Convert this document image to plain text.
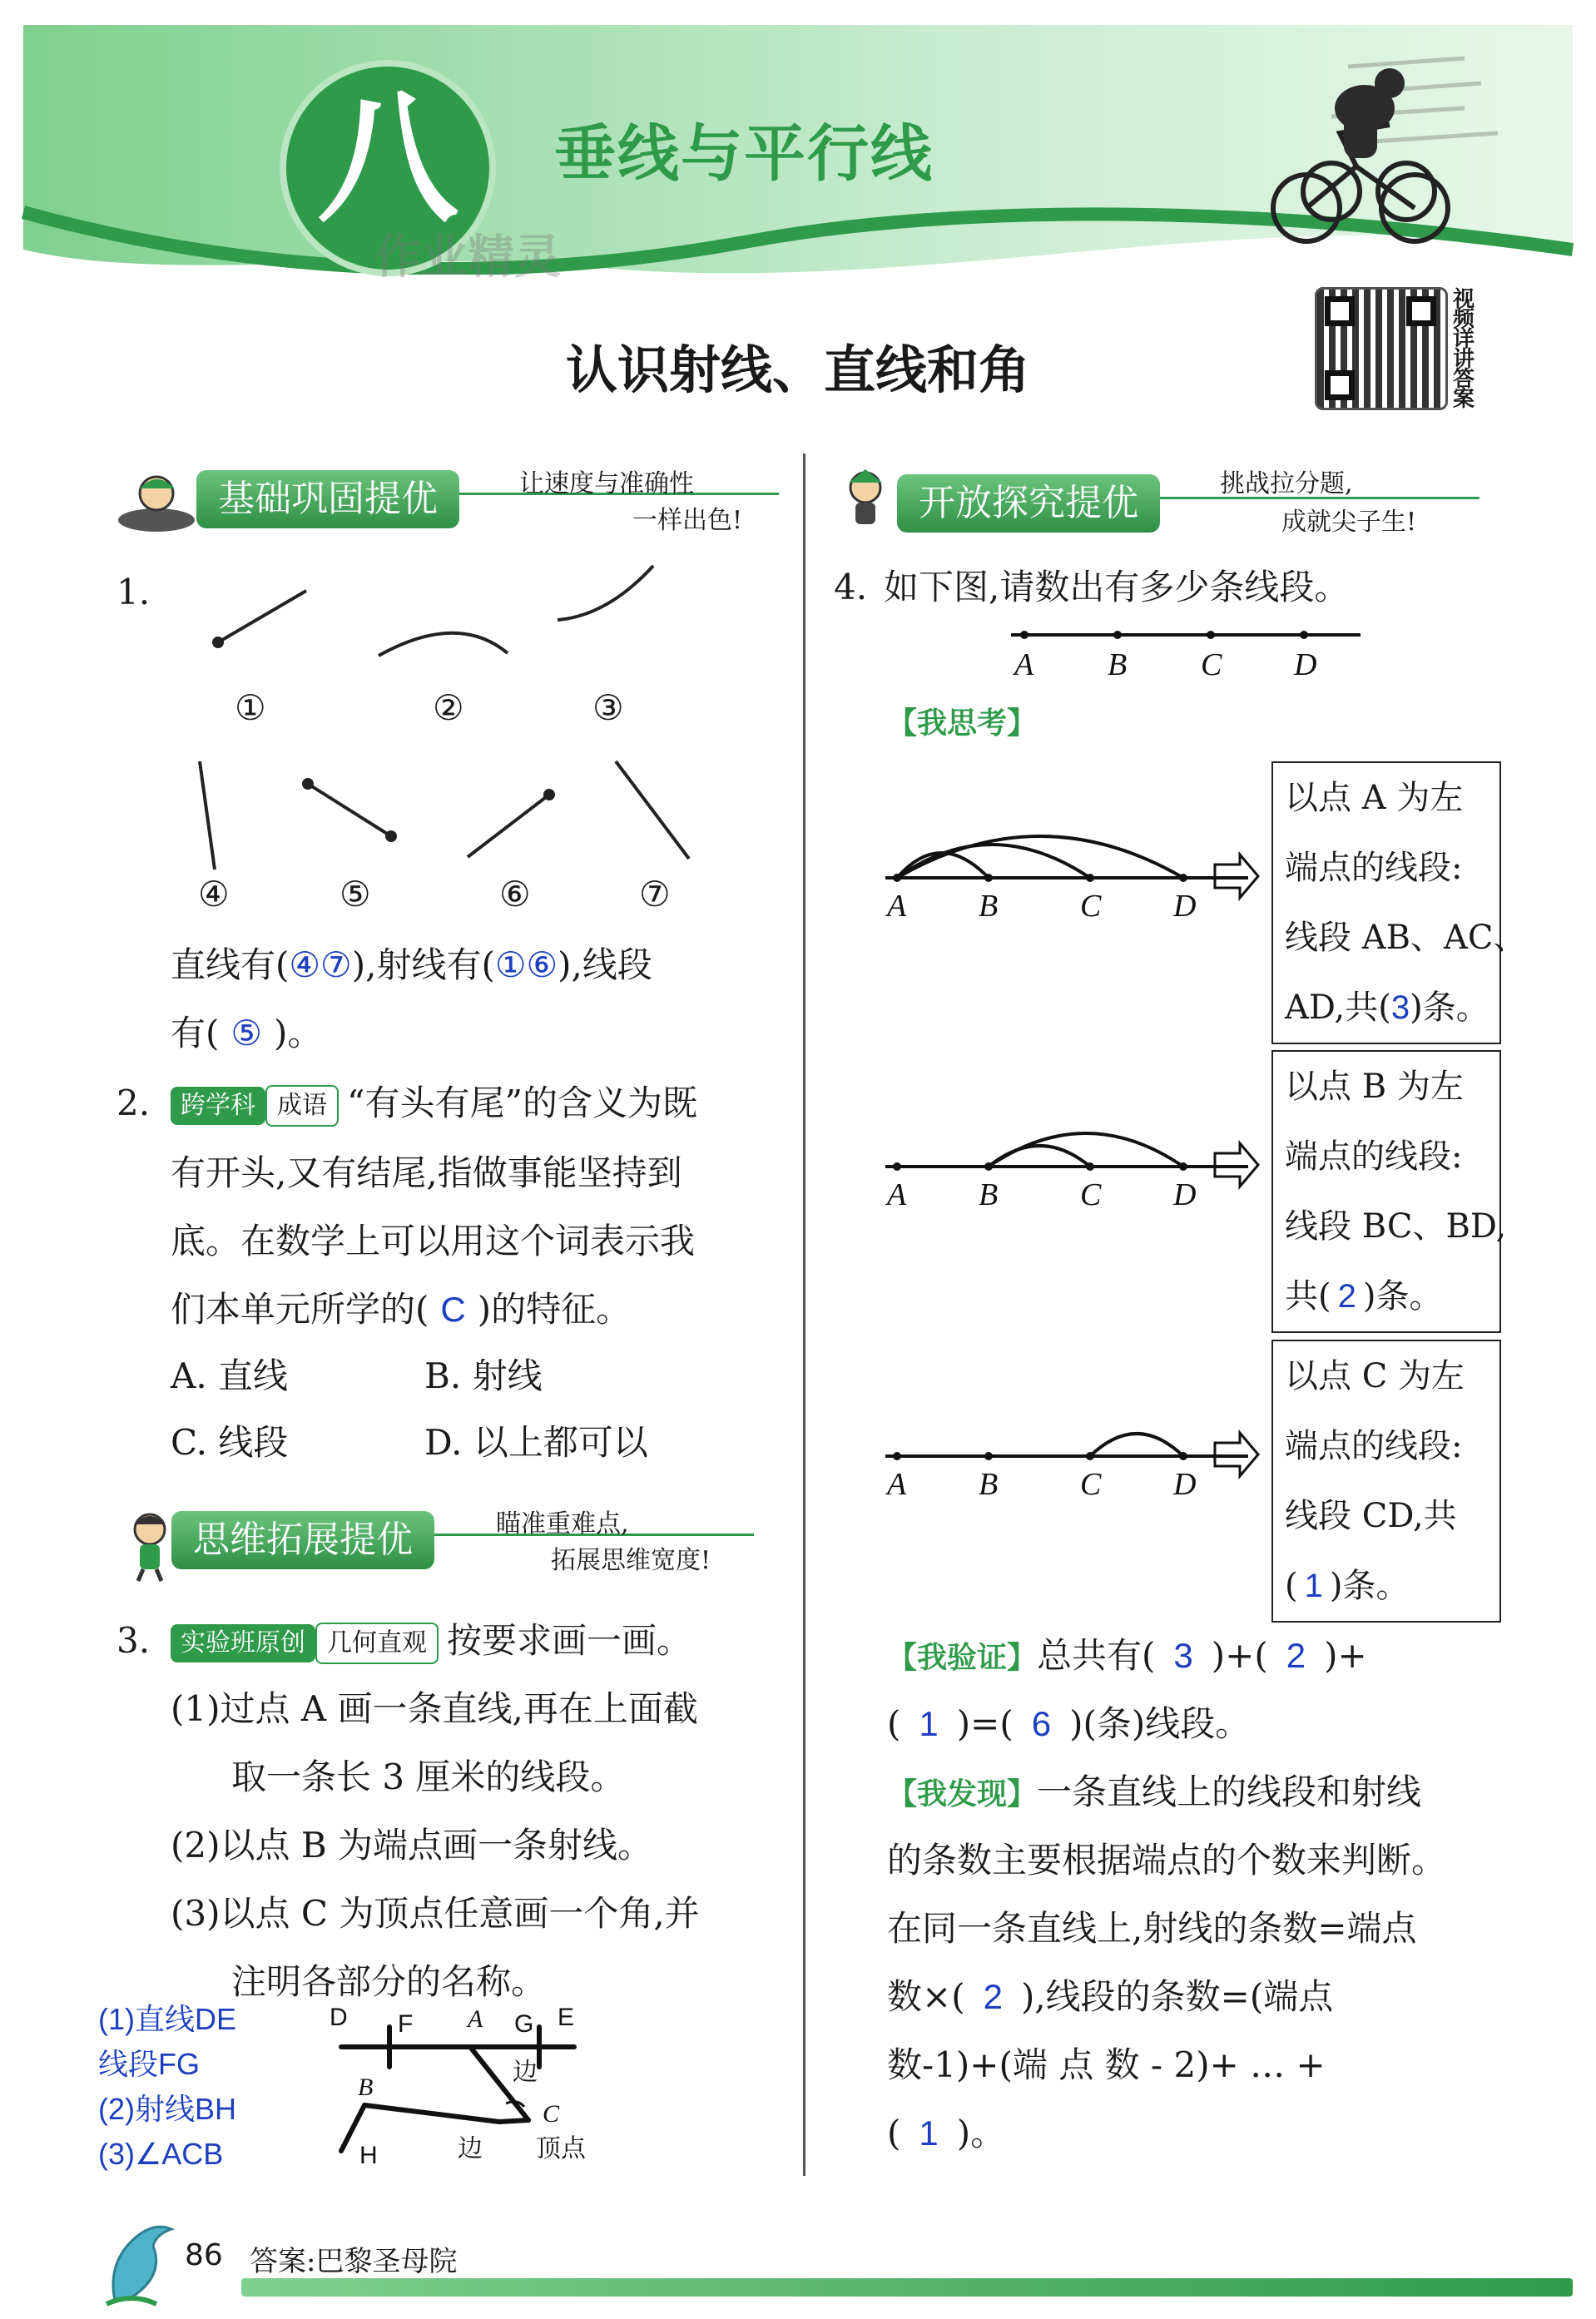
八	垂线与平行线
作业精灵
视频详讲答案
认识射线、直线和角
基础巩固提优	让速度与准确性
一样出色!
1.
①	②	③
④	⑤	⑥	⑦
直线有(④⑦),射线有(①⑥),线段
有( ⑤ )。
2.	跨学科 成语 “有头有尾”的含义为既
有开头,又有结尾,指做事能坚持到
底。在数学上可以用这个词表示我
们本单元所学的( C )的特征。
A. 直线	B. 射线
C. 线段	D. 以上都可以
思维拓展提优	瞄准重难点,
拓展思维宽度!
3.	实验班原创 几何直观 按要求画一画。
(1)过点 A 画一条直线,再在上面截
取一条长 3 厘米的线段。
(2)以点 B 为端点画一条射线。
(3)以点 C 为顶点任意画一个角,并
注明各部分的名称。
(1)直线DE
线段FG
(2)射线BH
(3)∠ACB
D F A G E
B
H
C
边
边 顶点
开放探究提优	挑战拉分题,
成就尖子生!
4. 如下图,请数出有多少条线段。
A B C D
【我思考】
A B	C D
A B	C D
A B	C D
以点 A 为左
端点的线段:
线段 AB、AC、
AD,共(3)条。
以点 B 为左
端点的线段:
线段 BC、BD,
共( 2 )条。
以点 C 为左
端点的线段:
线段 CD,共
( 1 )条。
【我验证】总共有( 3 )+( 2 )+
( 1 )=( 6 )(条)线段。
【我发现】一条直线上的线段和射线
的条数主要根据端点的个数来判断。
在同一条直线上,射线的条数=端点
数×( 2 ),线段的条数=(端点
数-1)+(端 点 数 - 2)+ … +
( 1 )。
86 答案:巴黎圣母院
